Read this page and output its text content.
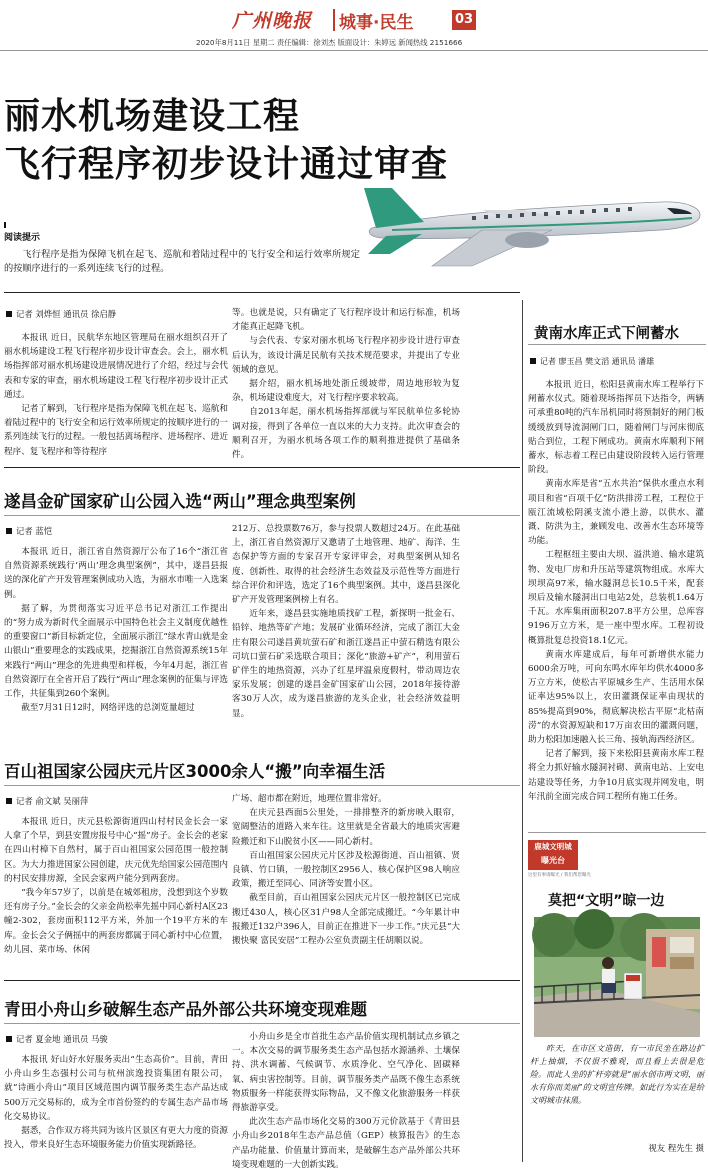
广州晚报 城事·民生	03
2020年8月11日 星期二 责任编辑：徐刘杰 版面设计：朱婷远 新闻热线 2151666
丽水机场建设工程
飞行程序初步设计通过审查
阅读提示
飞行程序是指为保障飞机在起飞、巡航和着陆过程中的飞行安全和运行效率所规定的按顺序进行的一系列连续飞行的过程。
记者 刘烨恒 通讯员 徐启静

本报讯 近日，民航华东地区管理局在丽水组织召开了丽水机场建设工程飞行程序初步设计审查会。会上，丽水机场指挥部对丽水机场建设进展情况进行了介绍，经过与会代表和专家的审查，丽水机场建设工程飞行程序初步设计正式通过。

记者了解到，飞行程序是指为保障飞机在起飞、巡航和着陆过程中的飞行安全和运行效率所规定的按顺序进行的一系列连续飞行的过程。一般包括离场程序、进场程序、进近程序、复飞程序和等待程序

等。也就是说，只有确定了飞行程序设计和运行标准，机场才能真正起降飞机。

与会代表、专家对丽水机场飞行程序初步设计进行审查后认为，该设计满足民航有关技术规范要求，并提出了专业领域的意见。

据介绍，丽水机场地处浙丘缓坡带，周边地形较为复杂，机场建设难度大，对飞行程序要求较高。

自2013年起，丽水机场指挥部就与军民航单位多轮协调对接，得到了各单位一直以来的大力支持。此次审查会的顺利召开，为丽水机场各项工作的顺利推进提供了基础条件。

遂昌金矿国家矿山公园入选“两山”理念典型案例
记者 蓝恺

本报讯 近日，浙江省自然资源厅公布了16个“浙江省自然资源系统践行‘两山’理念典型案例”，其中，遂昌县报送的深化矿产开发管理案例成功入选，为丽水市唯一入选案例。

据了解，为贯彻落实习近平总书记对浙江工作提出的“努力成为新时代全面展示中国特色社会主义制度优越性的重要窗口”新目标新定位，全面展示浙江“绿水青山就是金山银山”重要理念的实践成果，挖掘浙江自然资源系统15年来践行“两山”理念的先进典型和样板，今年4月起，浙江省自然资源厅在全省开启了践行“两山”理念案例的征集与评选工作，共征集到260个案例。

截至7月31日12时，网络评选的总浏览量超过

212万、总投票数76万，参与投票人数超过24万。在此基础上，浙江省自然资源厅又邀请了土地管理、地矿、海洋、生态保护等方面的专家召开专家评审会，对典型案例从知名度、创新性、取得的社会经济生态效益及示范性等方面进行综合评价和评选，选定了16个典型案例。其中，遂昌县深化矿产开发管理案例榜上有名。

近年来，遂昌县实施地质找矿工程，新探明一批金石、铅锌、地热等矿产地；发展矿业循环经济，完成了浙江大金庄有限公司遂昌黄坑萤石矿和浙江遂昌正中萤石精选有限公司坑口萤石矿采选联合项目；深化“旅游+矿产”，利用萤石矿伴生的地热资源，兴办了红星坪温泉度假村，带动周边农家乐发展；创建的遂昌金矿国家矿山公园，2018年接待游客30万人次，成为遂昌旅游的龙头企业，社会经济效益明显。

百山祖国家公园庆元片区3000余人“搬”向幸福生活
记者 俞文斌 吴丽萍

本报讯 近日，庆元县松源街道四山村村民金长会一家人拿了个早，到县安置房报号中心“摇”房子。金长会的老家在四山村樟下自然村，属于百山祖国家公园范围一般控制区。为大力推进国家公园创建，庆元优先给国家公园范围内的村民安排房源，全民会家两户能分到两套房。

“我今年57岁了，以前是在城郊租房，没想到这个岁数还有房子分。”金长会的父亲金尚松率先摇中同心新村A区23幢2-302，套房面积112平方米，外加一个19平方米的车库。金长会父子俩摇中的两套房都属于同心新村中心位置，幼儿园、菜市场、休闲

广场、超市都在附近，地理位置非常好。

在庆元县西面5公里处，一排排整齐的新房映入眼帘，宽阔整洁的道路入来车往。这里就是全省最大的地质灾害避险搬迁和下山脱贫小区——同心新村。

百山祖国家公园庆元片区涉及松源街道、百山祖镇、贤良镇、竹口镇，一般控制区2956人、核心保护区98人响应政策，搬迁至同心、同济等安置小区。

截至目前，百山祖国家公园庆元片区一般控制区已完成搬迁430人，核心区31户98人全部完成搬迁。“今年累计申报搬迁132户396人，目前正在推进下一步工作。”庆元县“大搬快聚 富民安居”工程办公室负责副主任胡顺以说。

青田小舟山乡破解生态产品外部公共环境变现难题
记者 夏金地 通讯员 马骏

本报讯 好山好水好服务卖出“生态高价”。目前，青田小舟山乡生态强村公司与杭州滨逸投资集团有限公司，就“诗画小舟山”项目区域范围内调节服务类生态产品达成500万元交易标的，成为全市首份签约的专属生态产品市场化交易协议。

据悉，合作双方将共同为该片区景区有更大力度的资源投入，带来良好生态环境服务能力价值实现新路径。

小舟山乡是全市首批生态产品价值实现机制试点乡镇之一。本次交易的调节服务类生态产品包括水源涵养、土壤保持、洪水调蓄、气候调节、水质净化、空气净化、固碳释氧、病虫害控制等。目前，调节服务类产品既不像生态系统物质服务一样能获得实际物品，又不像文化旅游服务一样获得旅游享受。

此次生态产品市场化交易的300万元价款基于《青田县小舟山乡2018年生态产品总值（GEP）核算报告》的生态产品功能量、价值量计算而来，是破解生态产品外部公共环境变现难题的一大创新实践。

黄南水库正式下闸蓄水
记者 廖玉昌 樊文滔 通讯员 潘雄

本报讯 近日，松阳县黄南水库工程举行下闸蓄水仪式。随着现场指挥员下达指令，两辆可承重80吨的汽车吊机同时将预制好的闸门板缓缓放到导流洞闸门口，随着闸门与河床彻底贴合到位，工程下闸成功。黄南水库顺利下闸蓄水，标志着工程已由建设阶段转入运行管理阶段。

黄南水库是省“五水共治”保供水重点水利项目和省“百项千亿”防洪排涝工程，工程位于瓯江流域松阴溪支流小港上游，以供水、灌溉、防洪为主，兼顾发电、改善水生态环境等功能。

工程枢纽主要由大坝、溢洪道、输水建筑物、发电厂房和升压站等建筑物组成。水库大坝坝高97米，输水隧洞总长10.5千米，配套坝后及输水隧洞出口电站2处，总装机1.64万千瓦。水库集雨面积207.8平方公里，总库容9196万立方米，是一座中型水库。工程初设概算批复总投资18.1亿元。

黄南水库建成后，每年可新增供水能力6000余万吨，可向东鸣水库年均供水4000多万立方米，使松古平原城乡生产、生活用水保证率达95%以上，农田灌溉保证率由现状的85%提高到90%，彻底解决松古平原“北枯南涝”的水资源短缺和17万亩农田的灌溉问题，助力松阳加速融入长三角、接轨海西经济区。

记者了解到，接下来松阳县黄南水库工程将全力抓好输水隧洞衬砌、黄南电站、上安电站建设等任务，力争10月底实现并网发电，明年汛前全面完成合同工程所有施工任务。

鹿城文明城
曝光台
这里有事请曝光 / 我们帮您曝光
莫把“文明”晾一边
昨天，在市区文造街，有一市民坐在路边扩杆上抽烟，不仅很不雅观，而且看上去很是危险。而此人坐的扩杆旁就是“丽水创市两文明，丽水有你而美丽”的文明宣传牌。如此行为实在是给文明城市抹黑。
视友 程先生 摄
